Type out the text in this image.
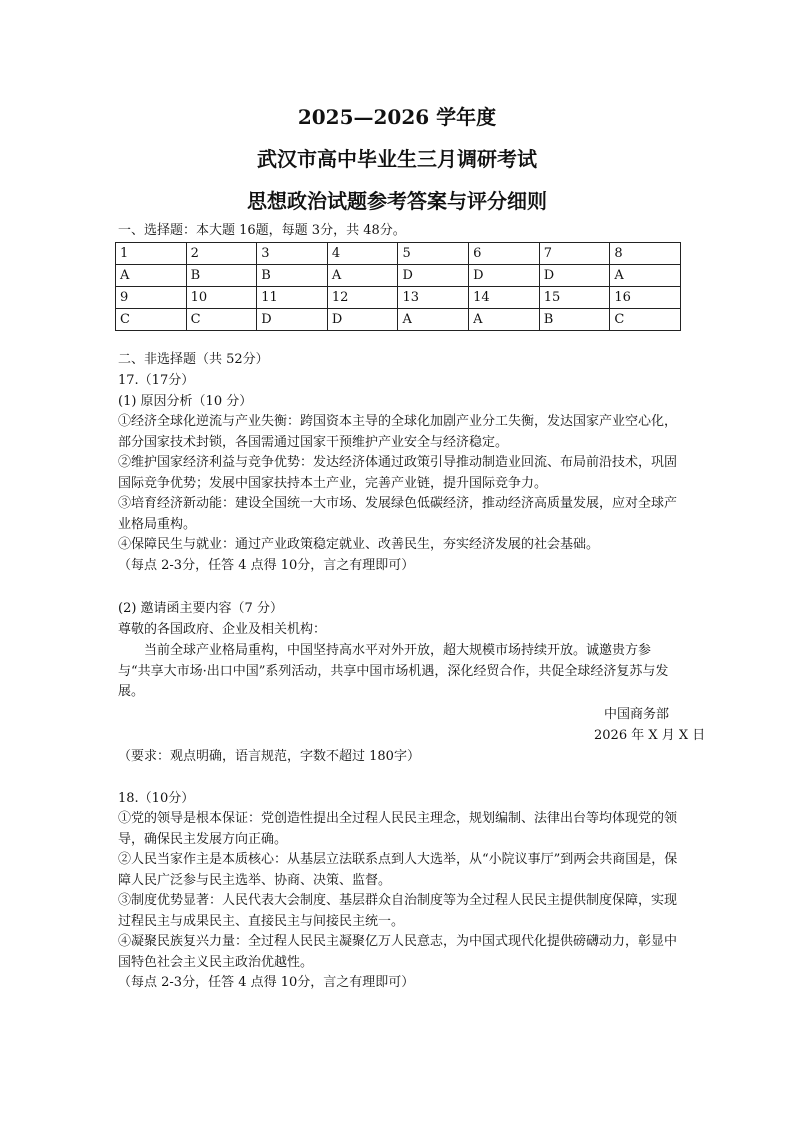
2025—2026 学年度
武汉市高中毕业生三月调研考试
思想政治试题参考答案与评分细则
一、选择题：本大题 16题，每题 3分，共 48分。
1	2	3	4	5	6	7	8
A	B	B	A	D	D	D	A
9	10	11	12	13	14	15	16
C	C	D	D	A	A	B	C
二、非选择题（共 52分）
17.（17分）
(1) 原因分析（10 分）
①经济全球化逆流与产业失衡：跨国资本主导的全球化加剧产业分工失衡，发达国家产业空心化，部分国家技术封锁，各国需通过国家干预维护产业安全与经济稳定。
②维护国家经济利益与竞争优势：发达经济体通过政策引导推动制造业回流、布局前沿技术，巩固国际竞争优势；发展中国家扶持本土产业，完善产业链，提升国际竞争力。
③培育经济新动能：建设全国统一大市场、发展绿色低碳经济，推动经济高质量发展，应对全球产业格局重构。
④保障民生与就业：通过产业政策稳定就业、改善民生，夯实经济发展的社会基础。
（每点 2-3分，任答 4 点得 10分，言之有理即可）
(2) 邀请函主要内容（7 分）
尊敬的各国政府、企业及相关机构：
当前全球产业格局重构，中国坚持高水平对外开放，超大规模市场持续开放。诚邀贵方参与“共享大市场·出口中国”系列活动，共享中国市场机遇，深化经贸合作，共促全球经济复苏与发展。
中国商务部
2026 年 X 月 X 日
（要求：观点明确，语言规范，字数不超过 180字）
18.（10分）
①党的领导是根本保证：党创造性提出全过程人民民主理念，规划编制、法律出台等均体现党的领导，确保民主发展方向正确。
②人民当家作主是本质核心：从基层立法联系点到人大选举，从“小院议事厅”到两会共商国是，保障人民广泛参与民主选举、协商、决策、监督。
③制度优势显著：人民代表大会制度、基层群众自治制度等为全过程人民民主提供制度保障，实现过程民主与成果民主、直接民主与间接民主统一。
④凝聚民族复兴力量：全过程人民民主凝聚亿万人民意志，为中国式现代化提供磅礴动力，彰显中国特色社会主义民主政治优越性。
（每点 2-3分，任答 4 点得 10分，言之有理即可）
